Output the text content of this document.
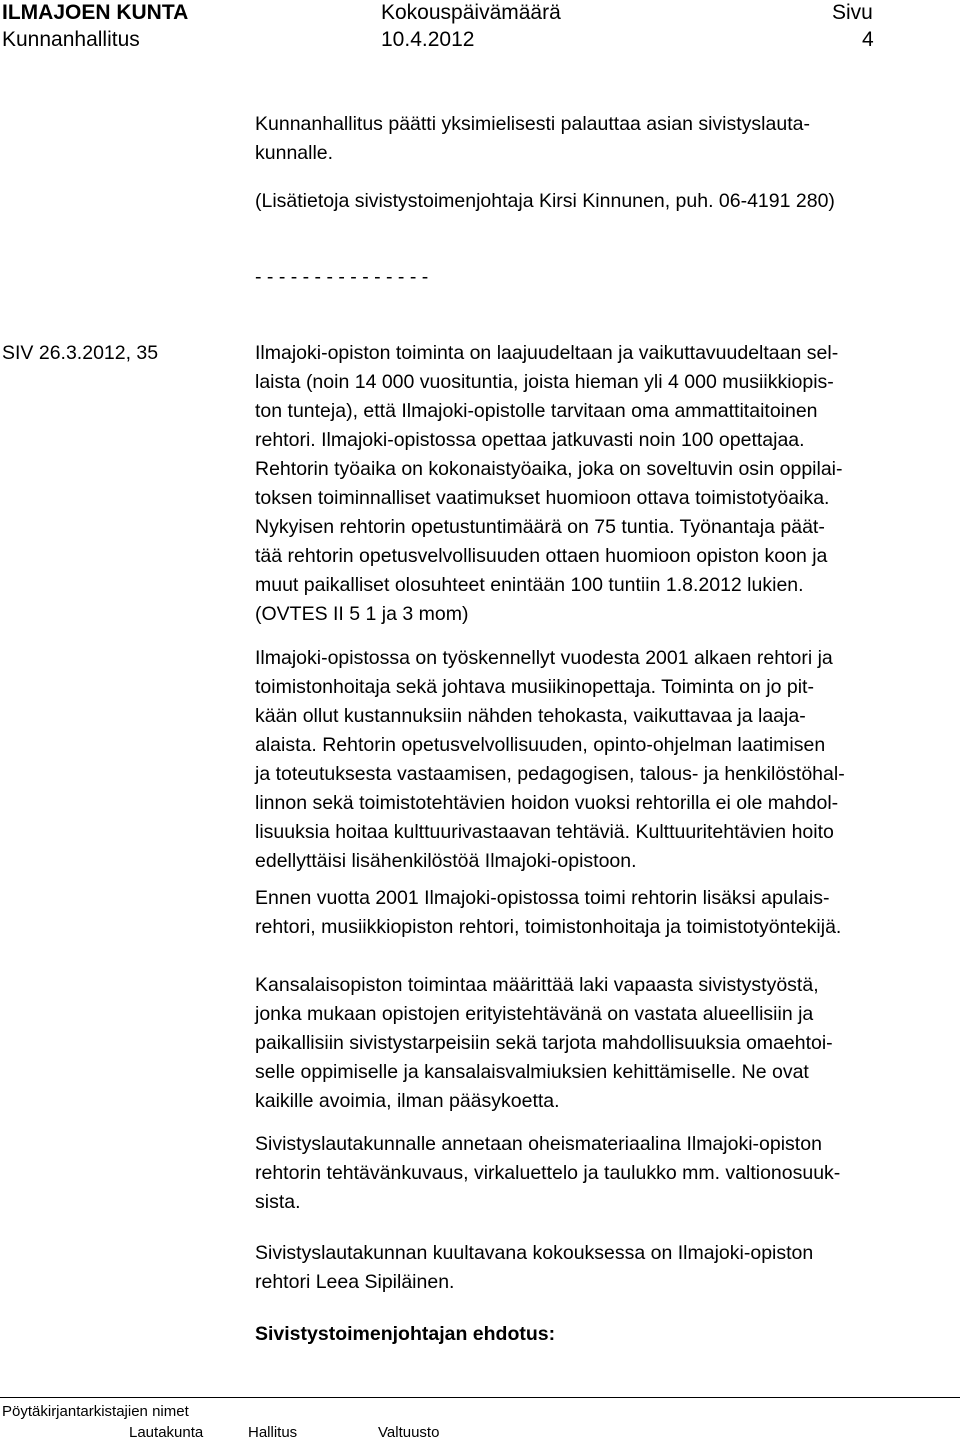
ILMAJOEN KUNTA
Kunnanhallitus
Kokouspäivämäärä
10.4.2012
Sivu
4
Kunnanhallitus päätti yksimielisesti palauttaa asian sivistyslauta-
kunnalle.
(Lisätietoja sivistystoimenjohtaja Kirsi Kinnunen, puh. 06-4191 280)
- - - - - - - - - - - - - - -
SIV 26.3.2012, 35	Ilmajoki-opiston toiminta on laajuudeltaan ja vaikuttavuudeltaan sel-
laista (noin 14 000 vuosituntia, joista hieman yli 4 000 musiikkiopis-
ton tunteja), että Ilmajoki-opistolle tarvitaan oma ammattitaitoinen
rehtori. Ilmajoki-opistossa opettaa jatkuvasti noin 100 opettajaa.
Rehtorin työaika on kokonaistyöaika, joka on soveltuvin osin oppilai-
toksen toiminnalliset vaatimukset huomioon ottava toimistotyöaika.
Nykyisen rehtorin opetustuntimäärä on 75 tuntia. Työnantaja päät-
tää rehtorin opetusvelvollisuuden ottaen huomioon opiston koon ja
muut paikalliset olosuhteet enintään 100 tuntiin 1.8.2012 lukien.
(OVTES II 5 1 ja 3 mom)
Ilmajoki-opistossa on työskennellyt vuodesta 2001 alkaen rehtori ja
toimistonhoitaja sekä johtava musiikinopettaja. Toiminta on jo pit-
kään ollut kustannuksiin nähden tehokasta, vaikuttavaa ja laaja-
alaista. Rehtorin opetusvelvollisuuden, opinto-ohjelman laatimisen
ja toteutuksesta vastaamisen, pedagogisen, talous- ja henkilöstöhal-
linnon sekä toimistotehtävien hoidon vuoksi rehtorilla ei ole mahdol-
lisuuksia hoitaa kulttuurivastaavan tehtäviä. Kulttuuritehtävien hoito
edellyttäisi lisähenkilöstöä Ilmajoki-opistoon.
Ennen vuotta 2001 Ilmajoki-opistossa toimi rehtorin lisäksi apulais-
rehtori, musiikkiopiston rehtori, toimistonhoitaja ja toimistotyöntekijä.
Kansalaisopiston toimintaa määrittää laki vapaasta sivistystyöstä,
jonka mukaan opistojen erityistehtävänä on vastata alueellisiin ja
paikallisiin sivistystarpeisiin sekä tarjota mahdollisuuksia omaehtoi-
selle oppimiselle ja kansalaisvalmiuksien kehittämiselle. Ne ovat
kaikille avoimia, ilman pääsykoetta.
Sivistyslautakunnalle annetaan oheismateriaalina Ilmajoki-opiston
rehtorin tehtävänkuvaus, virkaluettelo ja taulukko mm. valtionosuuk-
sista.
Sivistyslautakunnan kuultavana kokouksessa on Ilmajoki-opiston
rehtori Leea Sipiläinen.
Sivistystoimenjohtajan ehdotus:
Pöytäkirjantarkistajien nimet
Lautakunta	Hallitus	Valtuusto
